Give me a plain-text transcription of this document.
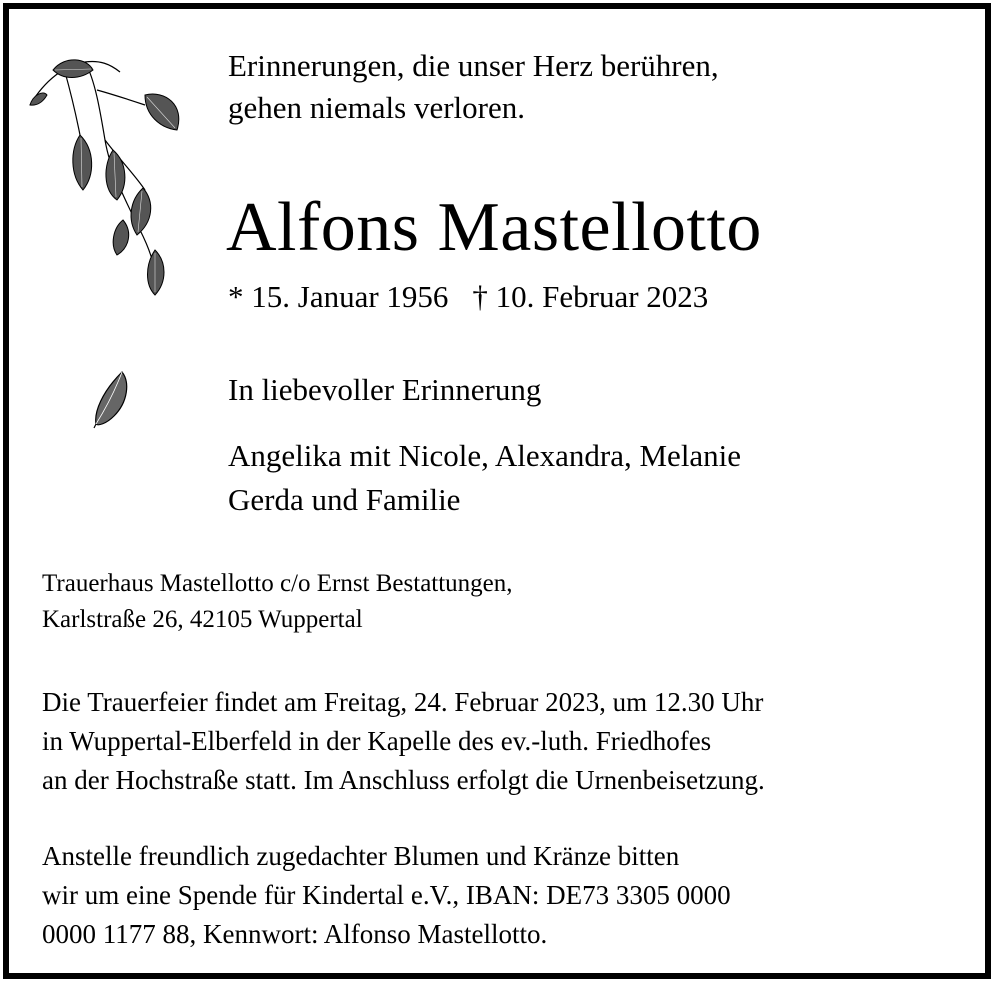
Erinnerungen, die unser Herz berühren,
gehen niemals verloren.
Alfons Mastellotto
* 15. Januar 1956 † 10. Februar 2023
In liebevoller Erinnerung
Angelika mit Nicole, Alexandra, Melanie
Gerda und Familie
Trauerhaus Mastellotto c/o Ernst Bestattungen,
Karlstraße 26, 42105 Wuppertal
Die Trauerfeier findet am Freitag, 24. Februar 2023, um 12.30 Uhr
in Wuppertal-Elberfeld in der Kapelle des ev.-luth. Friedhofes
an der Hochstraße statt. Im Anschluss erfolgt die Urnenbeisetzung.
Anstelle freundlich zugedachter Blumen und Kränze bitten
wir um eine Spende für Kindertal e.V., IBAN: DE73 3305 0000
0000 1177 88, Kennwort: Alfonso Mastellotto.
